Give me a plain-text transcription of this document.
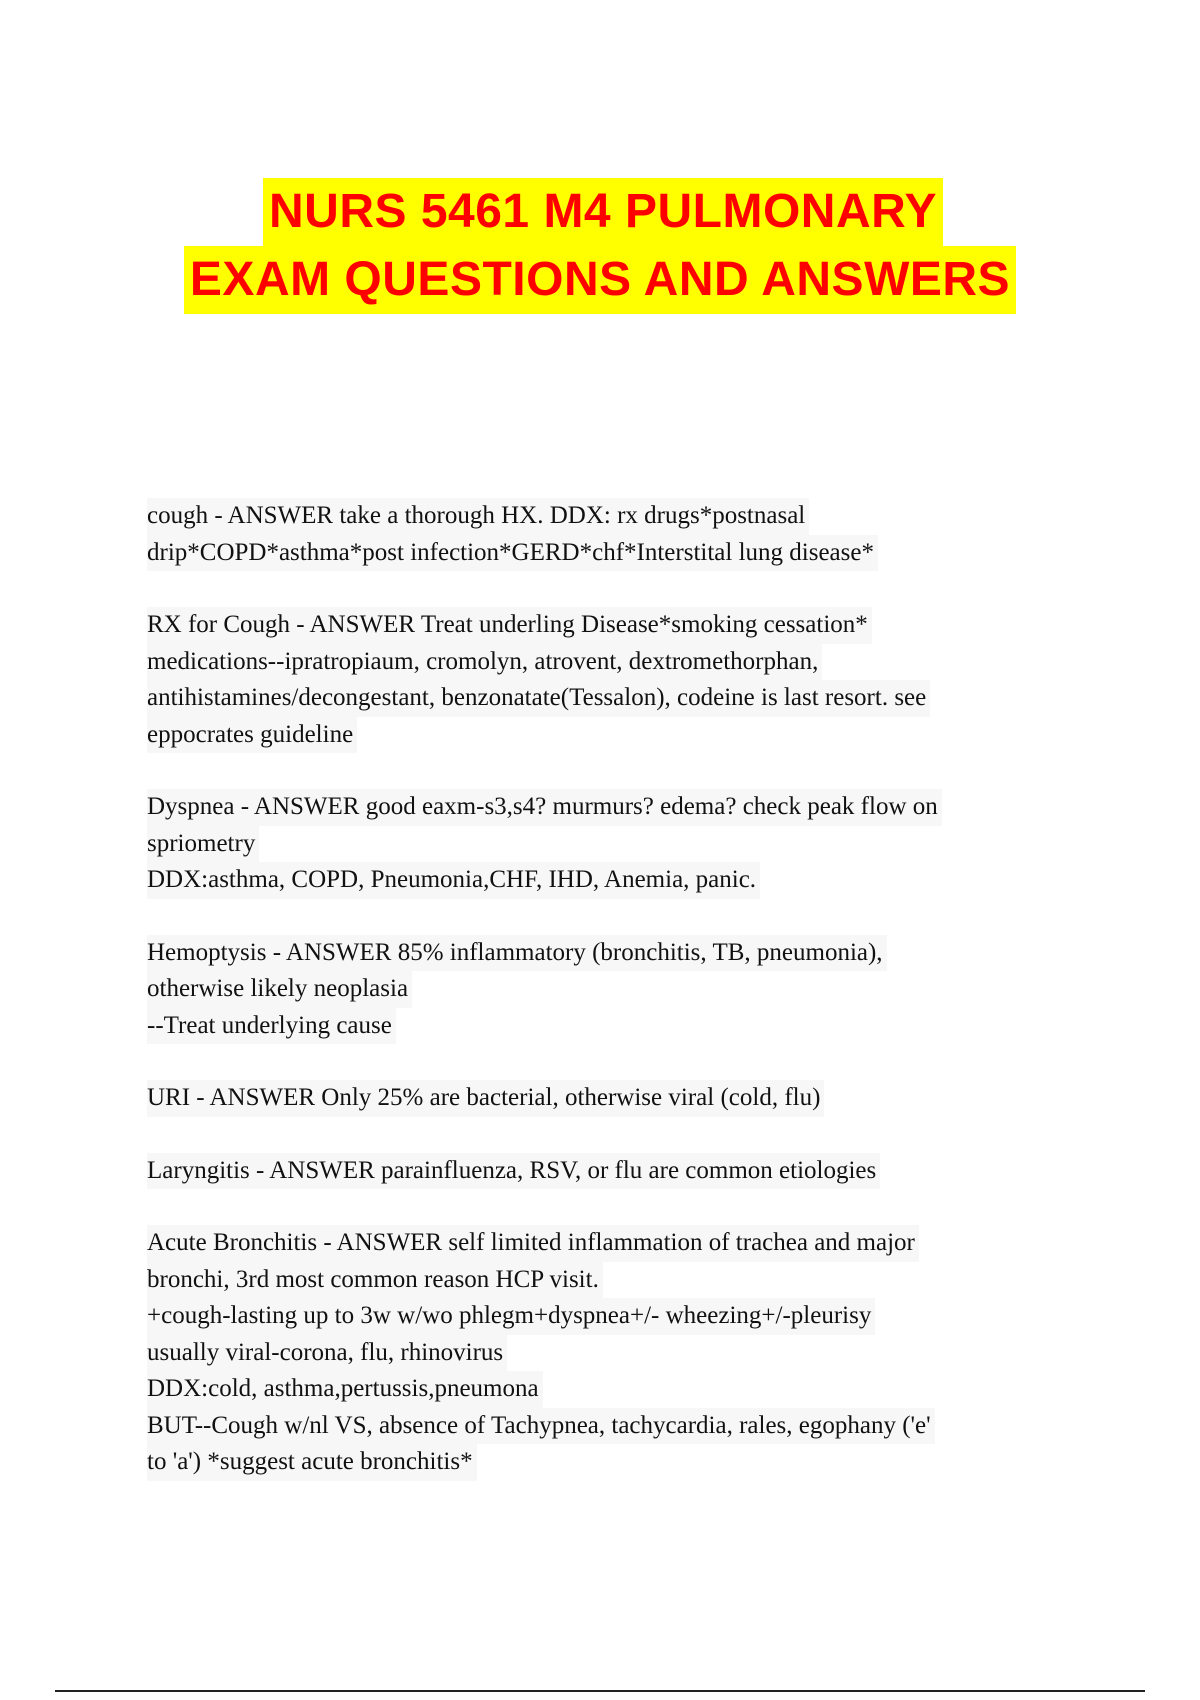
NURS 5461 M4 PULMONARY
EXAM QUESTIONS AND ANSWERS
cough - ANSWER take a thorough HX. DDX: rx drugs*postnasal
drip*COPD*asthma*post infection*GERD*chf*Interstital lung disease*
RX for Cough - ANSWER Treat underling Disease*smoking cessation*
medications--ipratropiaum, cromolyn, atrovent, dextromethorphan,
antihistamines/decongestant, benzonatate(Tessalon), codeine is last resort. see
eppocrates guideline
Dyspnea - ANSWER good eaxm-s3,s4? murmurs? edema? check peak flow on
spriometry
DDX:asthma, COPD, Pneumonia,CHF, IHD, Anemia, panic.
Hemoptysis - ANSWER 85% inflammatory (bronchitis, TB, pneumonia),
otherwise likely neoplasia
--Treat underlying cause
URI - ANSWER Only 25% are bacterial, otherwise viral (cold, flu)
Laryngitis - ANSWER parainfluenza, RSV, or flu are common etiologies
Acute Bronchitis - ANSWER self limited inflammation of trachea and major
bronchi, 3rd most common reason HCP visit.
+cough-lasting up to 3w w/wo phlegm+dyspnea+/- wheezing+/-pleurisy
usually viral-corona, flu, rhinovirus
DDX:cold, asthma,pertussis,pneumona
BUT--Cough w/nl VS, absence of Tachypnea, tachycardia, rales, egophany ('e'
to 'a') *suggest acute bronchitis*
